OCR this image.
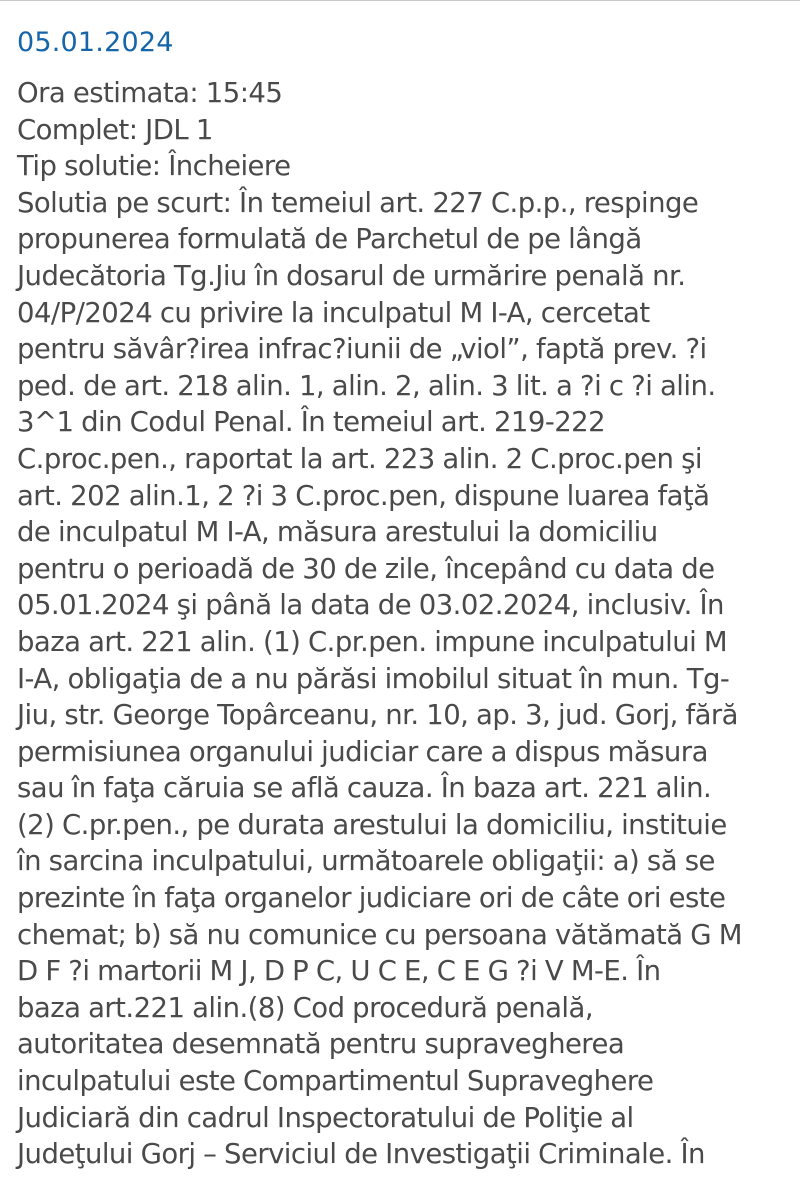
05.01.2024
Ora estimata: 15:45
Complet: JDL 1
Tip solutie: Încheiere
Solutia pe scurt: În temeiul art. 227 C.p.p., respinge
propunerea formulată de Parchetul de pe lângă
Judecătoria Tg.Jiu în dosarul de urmărire penală nr.
04/P/2024 cu privire la inculpatul M I-A, cercetat
pentru săvâr?irea infrac?iunii de „viol”, faptă prev. ?i
ped. de art. 218 alin. 1, alin. 2, alin. 3 lit. a ?i c ?i alin.
3^1 din Codul Penal. În temeiul art. 219-222
C.proc.pen., raportat la art. 223 alin. 2 C.proc.pen şi
art. 202 alin.1, 2 ?i 3 C.proc.pen, dispune luarea faţă
de inculpatul M I-A, măsura arestului la domiciliu
pentru o perioadă de 30 de zile, începând cu data de
05.01.2024 şi până la data de 03.02.2024, inclusiv. În
baza art. 221 alin. (1) C.pr.pen. impune inculpatului M
I-A, obligaţia de a nu părăsi imobilul situat în mun. Tg-
Jiu, str. George Topârceanu, nr. 10, ap. 3, jud. Gorj, fără
permisiunea organului judiciar care a dispus măsura
sau în faţa căruia se află cauza. În baza art. 221 alin.
(2) C.pr.pen., pe durata arestului la domiciliu, instituie
în sarcina inculpatului, următoarele obligaţii: a) să se
prezinte în faţa organelor judiciare ori de câte ori este
chemat; b) să nu comunice cu persoana vătămată G M
D F ?i martorii M J, D P C, U C E, C E G ?i V M-E. În
baza art.221 alin.(8) Cod procedură penală,
autoritatea desemnată pentru supravegherea
inculpatului este Compartimentul Supraveghere
Judiciară din cadrul Inspectoratului de Poliţie al
Judeţului Gorj – Serviciul de Investigaţii Criminale. În
